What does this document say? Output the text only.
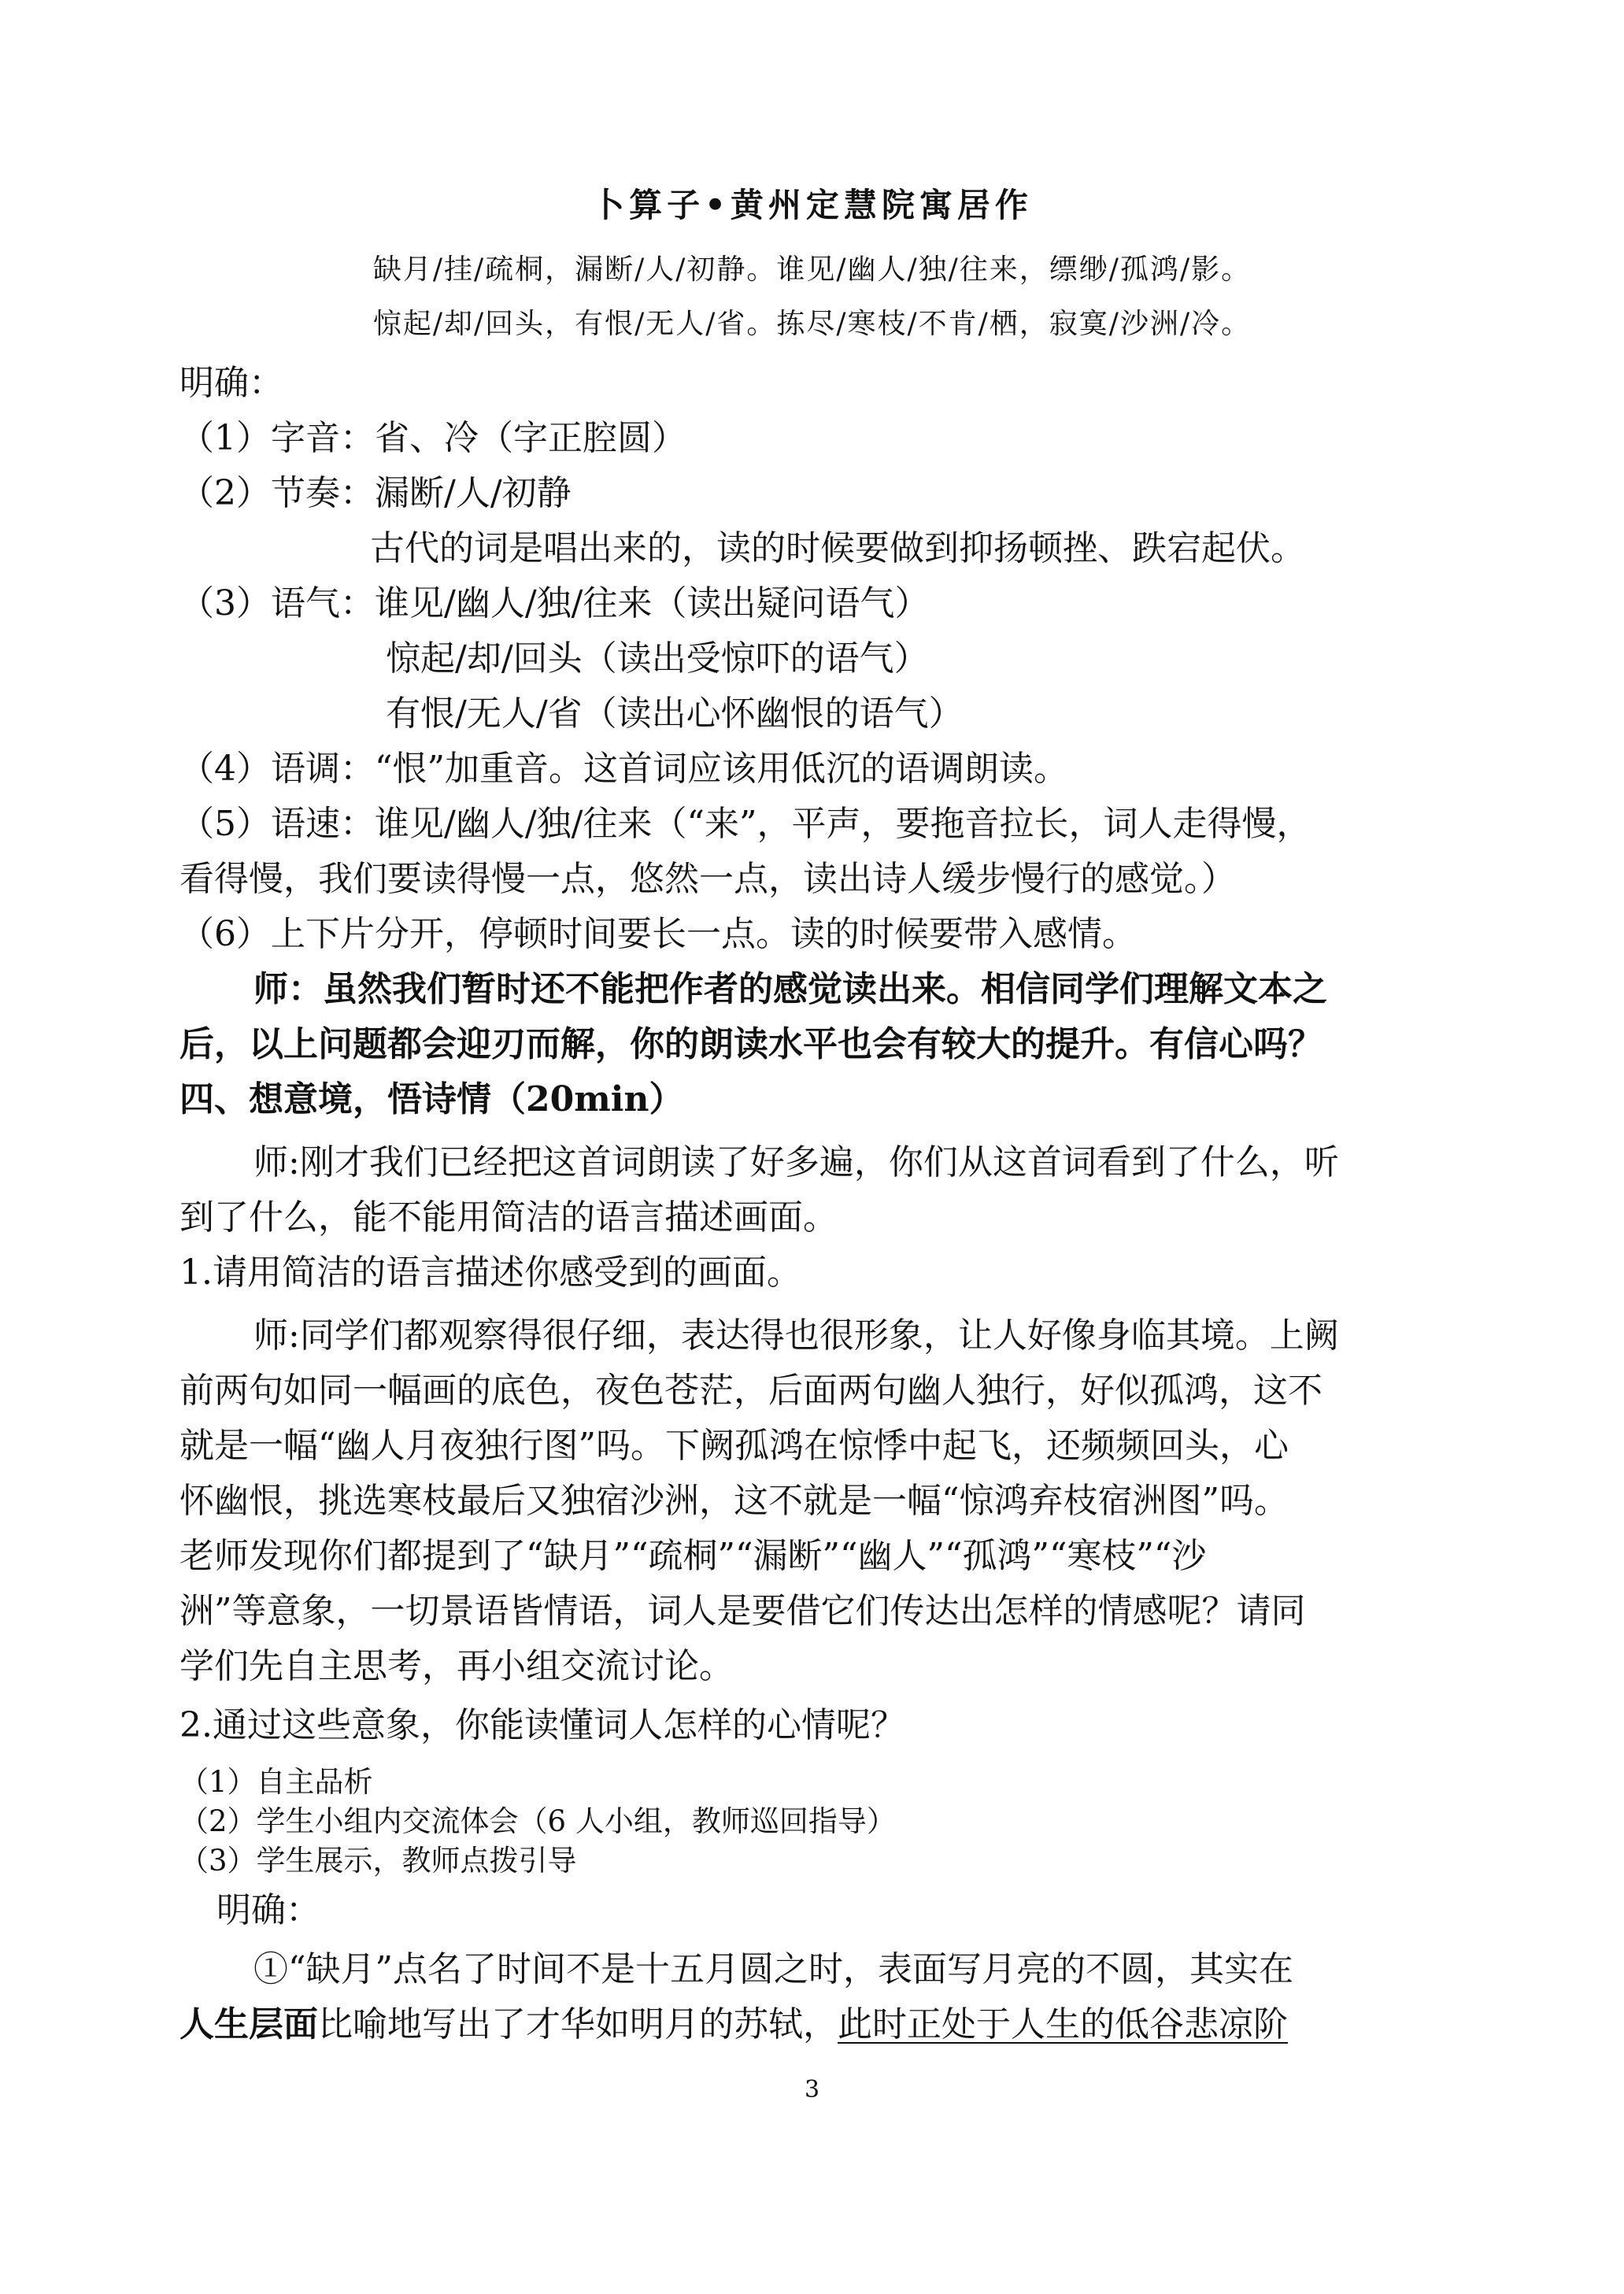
卜算子•黄州定慧院寓居作
缺月/挂/疏桐，漏断/人/初静。谁见/幽人/独/往来，缥缈/孤鸿/影。
惊起/却/回头，有恨/无人/省。拣尽/寒枝/不肯/栖，寂寞/沙洲/冷。
明确：
（1）字音：省、冷（字正腔圆）
（2）节奏：漏断/人/初静
古代的词是唱出来的，读的时候要做到抑扬顿挫、跌宕起伏。
（3）语气：谁见/幽人/独/往来（读出疑问语气）
惊起/却/回头（读出受惊吓的语气）
有恨/无人/省（读出心怀幽恨的语气）
（4）语调：“恨”加重音。这首词应该用低沉的语调朗读。
（5）语速：谁见/幽人/独/往来（“来”，平声，要拖音拉长，词人走得慢，
看得慢，我们要读得慢一点，悠然一点，读出诗人缓步慢行的感觉。）
（6）上下片分开，停顿时间要长一点。读的时候要带入感情。
师：虽然我们暂时还不能把作者的感觉读出来。相信同学们理解文本之
后，以上问题都会迎刃而解，你的朗读水平也会有较大的提升。有信心吗？
四、想意境，悟诗情（20min）
师:刚才我们已经把这首词朗读了好多遍，你们从这首词看到了什么，听
到了什么，能不能用简洁的语言描述画面。
1.请用简洁的语言描述你感受到的画面。
师:同学们都观察得很仔细，表达得也很形象，让人好像身临其境。上阙
前两句如同一幅画的底色，夜色苍茫，后面两句幽人独行，好似孤鸿，这不
就是一幅“幽人月夜独行图”吗。下阙孤鸿在惊悸中起飞，还频频回头，心
怀幽恨，挑选寒枝最后又独宿沙洲，这不就是一幅“惊鸿弃枝宿洲图”吗。
老师发现你们都提到了“缺月”“疏桐”“漏断”“幽人”“孤鸿”“寒枝”“沙
洲”等意象，一切景语皆情语，词人是要借它们传达出怎样的情感呢？请同
学们先自主思考，再小组交流讨论。
2.通过这些意象，你能读懂词人怎样的心情呢？
（1）自主品析
（2）学生小组内交流体会（6 人小组，教师巡回指导）
（3）学生展示，教师点拨引导
明确：
①“缺月”点名了时间不是十五月圆之时，表面写月亮的不圆，其实在
人生层面比喻地写出了才华如明月的苏轼，此时正处于人生的低谷悲凉阶
3
